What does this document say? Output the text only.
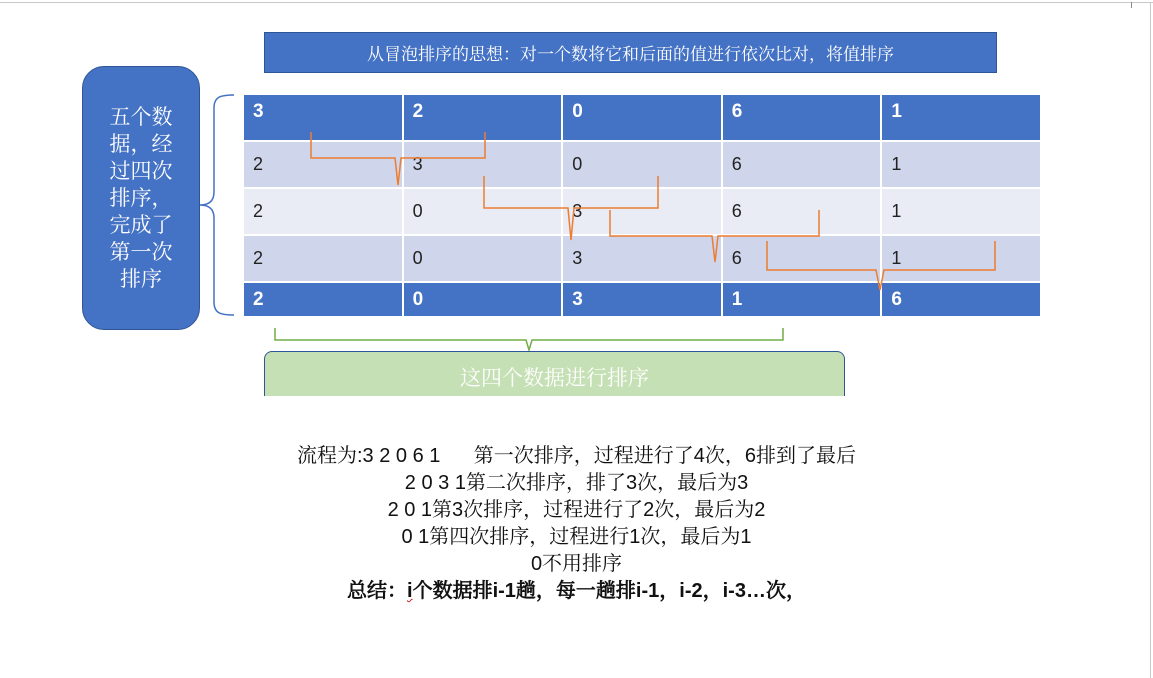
从冒泡排序的思想：对一个数将它和后面的值进行依次比对，将值排序
五个数据，经过四次排序，完成了第一次排序
3	2	0	6	1
2	3	0	6	1
2	0	3	6	1
2	0	3	6	1
2	0	3	1	6
这四个数据进行排序
流程为:3 2 0 6 1      第一次排序，过程进行了4次，6排到了最后
2 0 3 1第二次排序，排了3次，最后为3
2 0 1第3次排序，过程进行了2次，最后为2
0 1第四次排序，过程进行1次，最后为1
0不用排序
总结：i个数据排i-1趟，每一趟排i-1，i-2，i-3…次，
